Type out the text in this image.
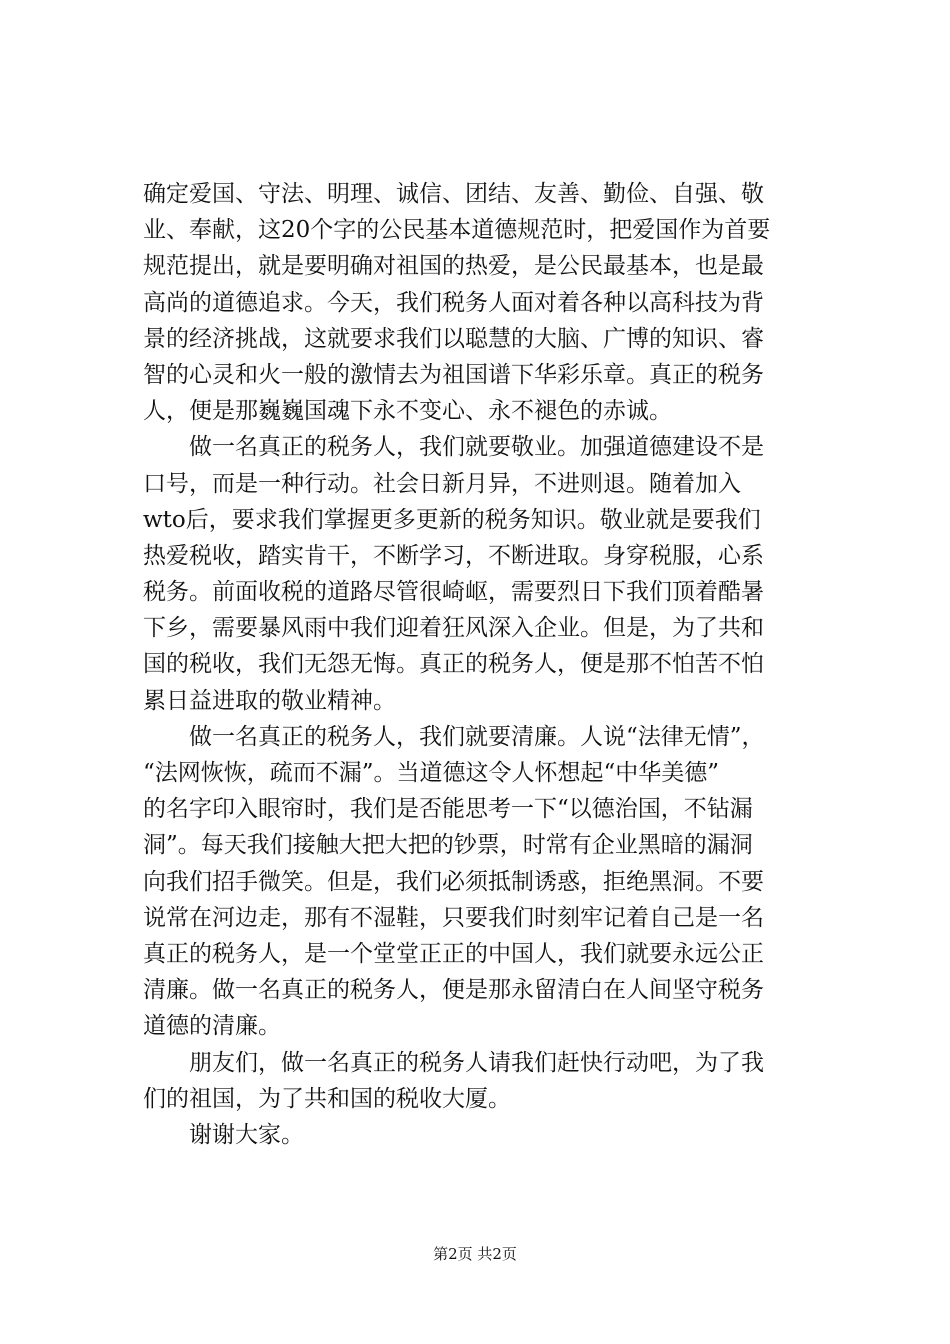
确定爱国、守法、明理、诚信、团结、友善、勤俭、自强、敬
业、奉献，这20个字的公民基本道德规范时，把爱国作为首要
规范提出，就是要明确对祖国的热爱，是公民最基本，也是最
高尚的道德追求。今天，我们税务人面对着各种以高科技为背
景的经济挑战，这就要求我们以聪慧的大脑、广博的知识、睿
智的心灵和火一般的激情去为祖国谱下华彩乐章。真正的税务
人，便是那巍巍国魂下永不变心、永不褪色的赤诚。
做一名真正的税务人，我们就要敬业。加强道德建设不是
口号，而是一种行动。社会日新月异，不进则退。随着加入
wto后，要求我们掌握更多更新的税务知识。敬业就是要我们
热爱税收，踏实肯干，不断学习，不断进取。身穿税服，心系
税务。前面收税的道路尽管很崎岖，需要烈日下我们顶着酷暑
下乡，需要暴风雨中我们迎着狂风深入企业。但是，为了共和
国的税收，我们无怨无悔。真正的税务人，便是那不怕苦不怕
累日益进取的敬业精神。
做一名真正的税务人，我们就要清廉。人说“法律无情”，
“法网恢恢，疏而不漏”。当道德这令人怀想起“中华美德”
的名字印入眼帘时，我们是否能思考一下“以德治国，不钻漏
洞”。每天我们接触大把大把的钞票，时常有企业黑暗的漏洞
向我们招手微笑。但是，我们必须抵制诱惑，拒绝黑洞。不要
说常在河边走，那有不湿鞋，只要我们时刻牢记着自己是一名
真正的税务人，是一个堂堂正正的中国人，我们就要永远公正
清廉。做一名真正的税务人，便是那永留清白在人间坚守税务
道德的清廉。
朋友们，做一名真正的税务人请我们赶快行动吧，为了我
们的祖国，为了共和国的税收大厦。
谢谢大家。
第2页 共2页
